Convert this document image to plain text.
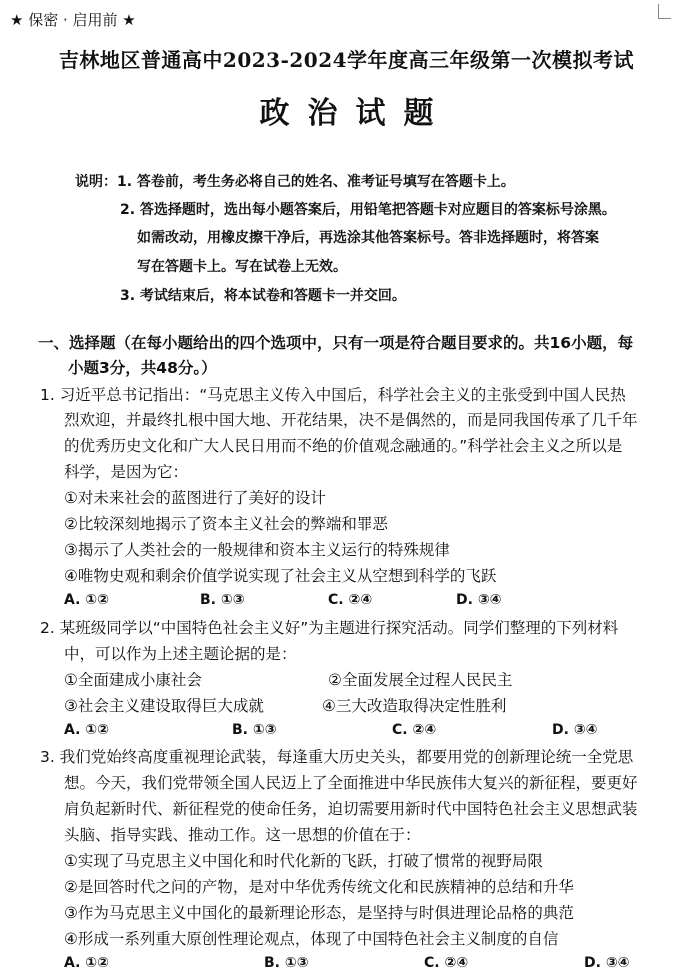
★ 保密 · 启用前 ★
吉林地区普通高中2023-2024学年度高三年级第一次模拟考试
政治试题
说明：1. 答卷前，考生务必将自己的姓名、准考证号填写在答题卡上。
2. 答选择题时，选出每小题答案后，用铅笔把答题卡对应题目的答案标号涂黑。
如需改动，用橡皮擦干净后，再选涂其他答案标号。答非选择题时，将答案
写在答题卡上。写在试卷上无效。
3. 考试结束后，将本试卷和答题卡一并交回。
一、选择题（在每小题给出的四个选项中，只有一项是符合题目要求的。共16小题，每
小题3分，共48分。）
1. 习近平总书记指出：“马克思主义传入中国后，科学社会主义的主张受到中国人民热
烈欢迎，并最终扎根中国大地、开花结果，决不是偶然的，而是同我国传承了几千年
的优秀历史文化和广大人民日用而不绝的价值观念融通的。”科学社会主义之所以是
科学，是因为它：
①对未来社会的蓝图进行了美好的设计
②比较深刻地揭示了资本主义社会的弊端和罪恶
③揭示了人类社会的一般规律和资本主义运行的特殊规律
④唯物史观和剩余价值学说实现了社会主义从空想到科学的飞跃
A. ①②	B. ①③	C. ②④	D. ③④
2. 某班级同学以“中国特色社会主义好”为主题进行探究活动。同学们整理的下列材料
中，可以作为上述主题论据的是：
①全面建成小康社会	②全面发展全过程人民民主
③社会主义建设取得巨大成就	④三大改造取得决定性胜利
A. ①②	B. ①③	C. ②④	D. ③④
3. 我们党始终高度重视理论武装，每逢重大历史关头，都要用党的创新理论统一全党思
想。今天，我们党带领全国人民迈上了全面推进中华民族伟大复兴的新征程，要更好
肩负起新时代、新征程党的使命任务，迫切需要用新时代中国特色社会主义思想武装
头脑、指导实践、推动工作。这一思想的价值在于：
①实现了马克思主义中国化和时代化新的飞跃，打破了惯常的视野局限
②是回答时代之问的产物，是对中华优秀传统文化和民族精神的总结和升华
③作为马克思主义中国化的最新理论形态，是坚持与时俱进理论品格的典范
④形成一系列重大原创性理论观点，体现了中国特色社会主义制度的自信
A. ①②	B. ①③	C. ②④	D. ③④
